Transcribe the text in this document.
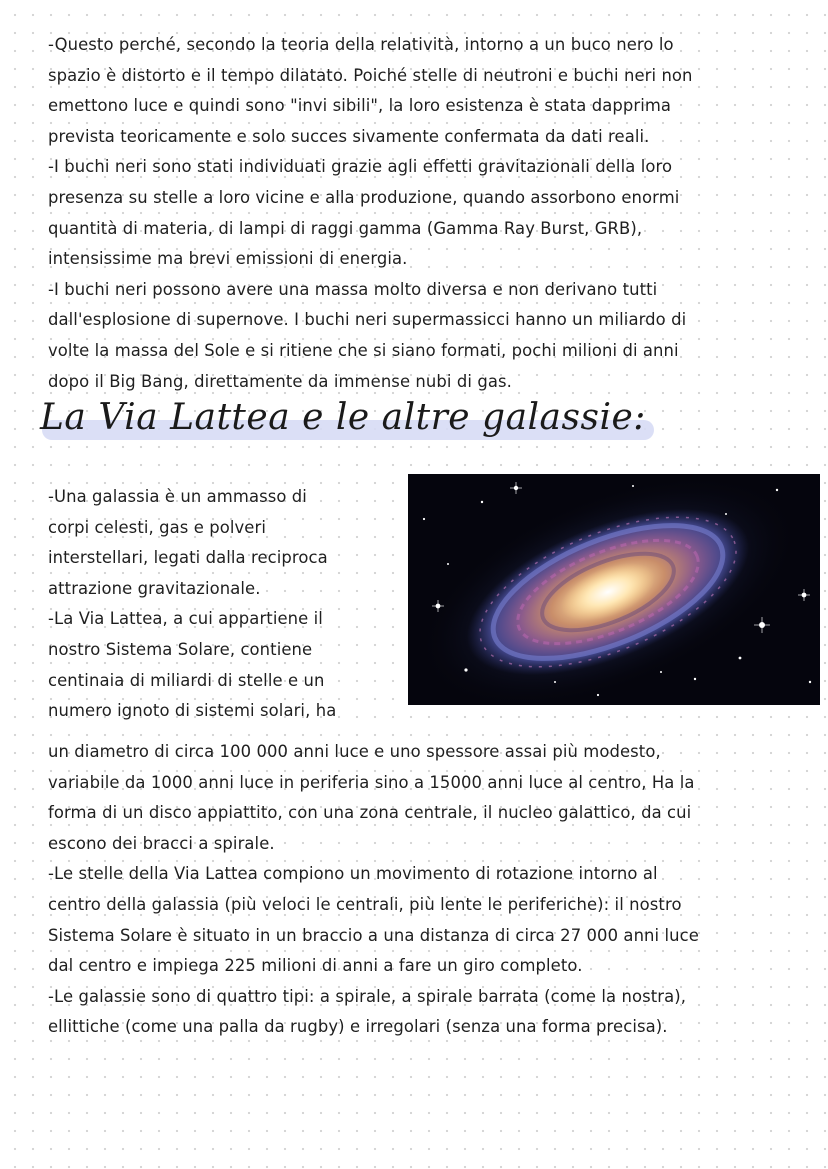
-Questo perché, secondo la teoria della relatività, intorno a un buco nero lo
spazio è distorto e il tempo dilatato. Poiché stelle di neutroni e buchi neri non
emettono luce e quindi sono "invi sibili", la loro esistenza è stata dapprima
prevista teoricamente e solo succes sivamente confermata da dati reali.
-I buchi neri sono stati individuati grazie agli effetti gravitazionali della loro
presenza su stelle a loro vicine e alla produzione, quando assorbono enormi
quantità di materia, di lampi di raggi gamma (Gamma Ray Burst, GRB),
intensissime ma brevi emissioni di energia.
-I buchi neri possono avere una massa molto diversa e non derivano tutti
dall'esplosione di supernove. I buchi neri supermassicci hanno un miliardo di
volte la massa del Sole e si ritiene che si siano formati, pochi milioni di anni
dopo il Big Bang, direttamente da immense nubi di gas.
La Via Lattea e le altre galassie:
-Una galassia è un ammasso di
corpi celesti, gas e polveri
interstellari, legati dalla reciproca
attrazione gravitazionale.
-La Via Lattea, a cui appartiene il
nostro Sistema Solare, contiene
centinaia di miliardi di stelle e un
numero ignoto di sistemi solari, ha
un diametro di circa 100 000 anni luce e uno spessore assai più modesto,
variabile da 1000 anni luce in periferia sino a 15000 anni luce al centro, Ha la
forma di un disco appiattito, con una zona centrale, il nucleo galattico, da cui
escono dei bracci a spirale.
-Le stelle della Via Lattea compiono un movimento di rotazione intorno al
centro della galassia (più veloci le centrali, più lente le periferiche): il nostro
Sistema Solare è situato in un braccio a una distanza di circa 27 000 anni luce
dal centro e impiega 225 milioni di anni a fare un giro completo.
-Le galassie sono di quattro tipi: a spirale, a spirale barrata (come la nostra),
ellittiche (come una palla da rugby) e irregolari (senza una forma precisa).
